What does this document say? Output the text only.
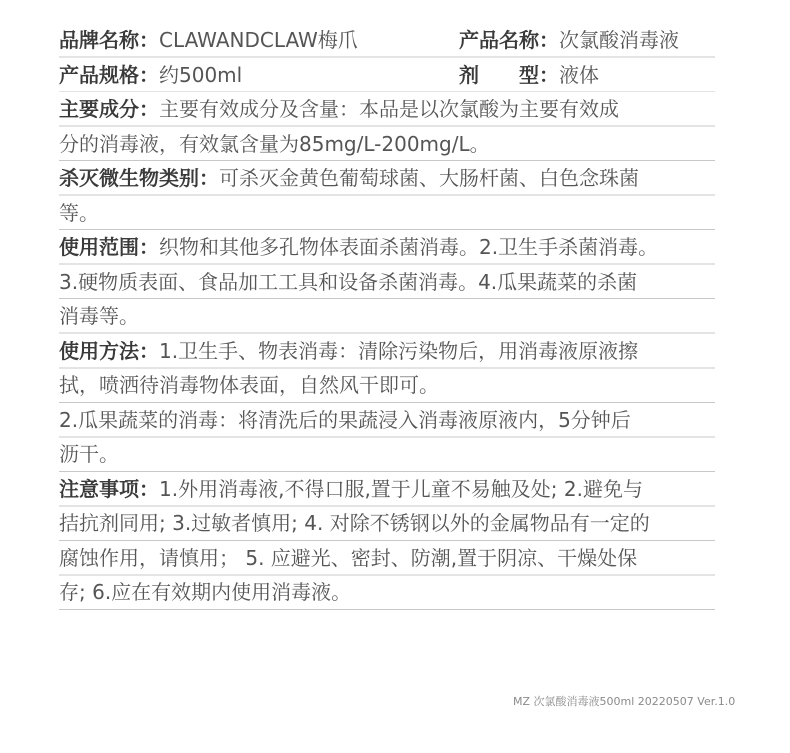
品牌名称：CLAWANDCLAW梅爪	产品名称：次氯酸消毒液
产品规格：约500ml	剂　　型：液体
主要成分：主要有效成分及含量：本品是以次氯酸为主要有效成
分的消毒液，有效氯含量为85mg/L-200mg/L。
杀灭微生物类别：可杀灭金黄色葡萄球菌、大肠杆菌、白色念珠菌
等。
使用范围：织物和其他多孔物体表面杀菌消毒。2.卫生手杀菌消毒。
3.硬物质表面、食品加工工具和设备杀菌消毒。4.瓜果蔬菜的杀菌
消毒等。
使用方法：1.卫生手、物表消毒：清除污染物后，用消毒液原液擦
拭，喷洒待消毒物体表面，自然风干即可。
2.瓜果蔬菜的消毒：将清洗后的果蔬浸入消毒液原液内，5分钟后
沥干。
注意事项：1.外用消毒液,不得口服,置于儿童不易触及处; 2.避免与
拮抗剂同用; 3.过敏者慎用; 4. 对除不锈钢以外的金属物品有一定的
腐蚀作用，请慎用； 5. 应避光、密封、防潮,置于阴凉、干燥处保
存; 6.应在有效期内使用消毒液。
MZ 次氯酸消毒液500ml 20220507 Ver.1.0
